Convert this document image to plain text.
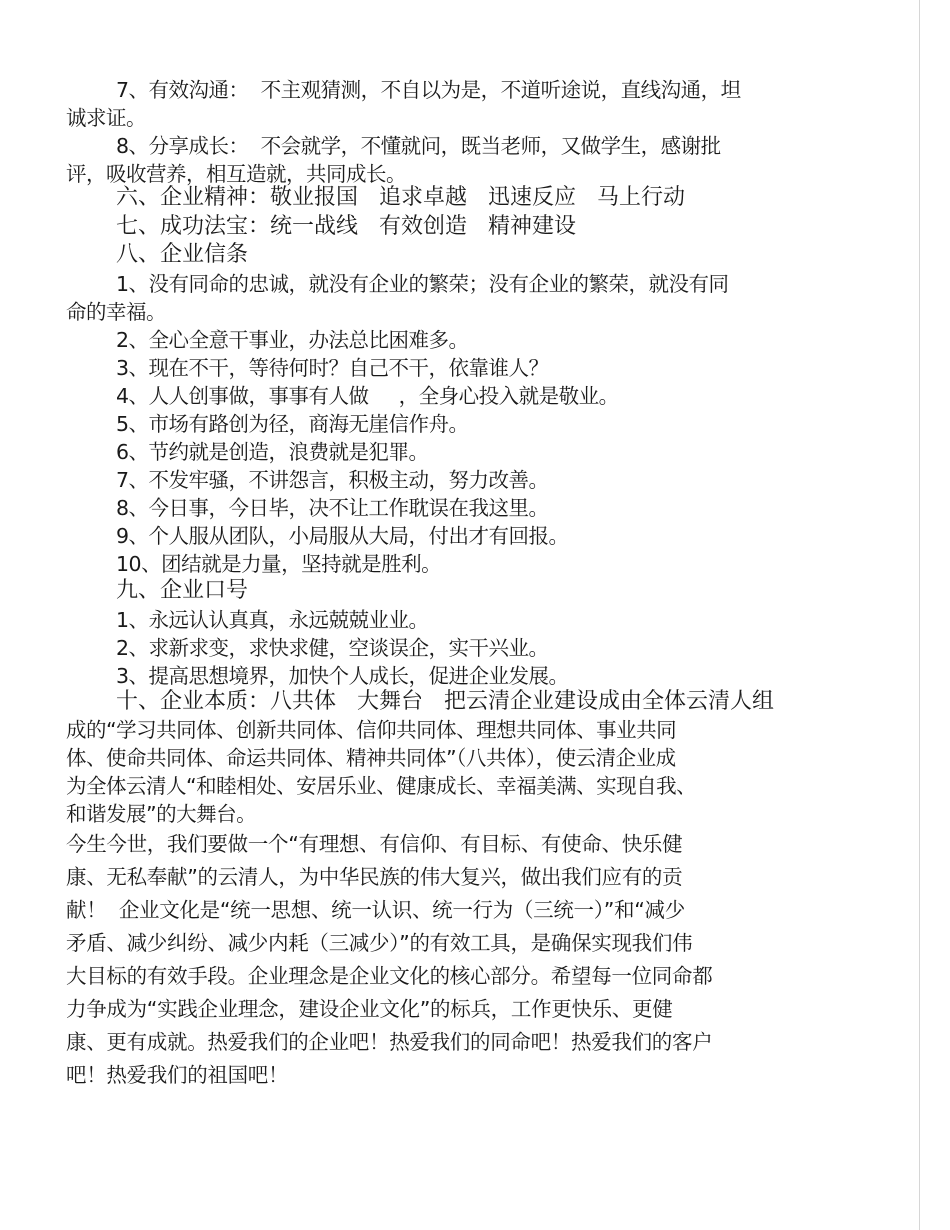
7、有效沟通：  不主观猜测，不自以为是，不道听途说，直线沟通，坦

诚求证。

8、分享成长：  不会就学，不懂就问，既当老师，又做学生，感谢批

评，吸收营养，相互造就，共同成长。

六、企业精神：敬业报国   追求卓越   迅速反应   马上行动

七、成功法宝：统一战线   有效创造   精神建设

八、企业信条

1、没有同命的忠诚，就没有企业的繁荣；没有企业的繁荣，就没有同

命的幸福。

2、全心全意干事业，办法总比困难多。

3、现在不干，等待何时？自己不干，依靠谁人？

4、人人创事做，事事有人做     ，全身心投入就是敬业。

5、市场有路创为径，商海无崖信作舟。

6、节约就是创造，浪费就是犯罪。

7、不发牢骚，不讲怨言，积极主动，努力改善。

8、今日事，今日毕，决不让工作耽误在我这里。

9、个人服从团队，小局服从大局，付出才有回报。

10、团结就是力量，坚持就是胜利。

九、企业口号

1、永远认认真真，永远兢兢业业。

2、求新求变，求快求健，空谈误企，实干兴业。

3、提高思想境界，加快个人成长，促进企业发展。

十、企业本质：八共体   大舞台   把云清企业建设成由全体云清人组

成的“学习共同体、创新共同体、信仰共同体、理想共同体、事业共同

体、使命共同体、命运共同体、精神共同体”（八共体），使云清企业成

为全体云清人“和睦相处、安居乐业、健康成长、幸福美满、实现自我、

和谐发展”的大舞台。

今生今世，我们要做一个“有理想、有信仰、有目标、有使命、快乐健

康、无私奉献”的云清人，为中华民族的伟大复兴，做出我们应有的贡

献！  企业文化是“统一思想、统一认识、统一行为（三统一）”和“减少

矛盾、减少纠纷、减少内耗（三减少）”的有效工具，是确保实现我们伟

大目标的有效手段。企业理念是企业文化的核心部分。希望每一位同命都

力争成为“实践企业理念，建设企业文化”的标兵，工作更快乐、更健

康、更有成就。热爱我们的企业吧！热爱我们的同命吧！热爱我们的客户

吧！热爱我们的祖国吧！
